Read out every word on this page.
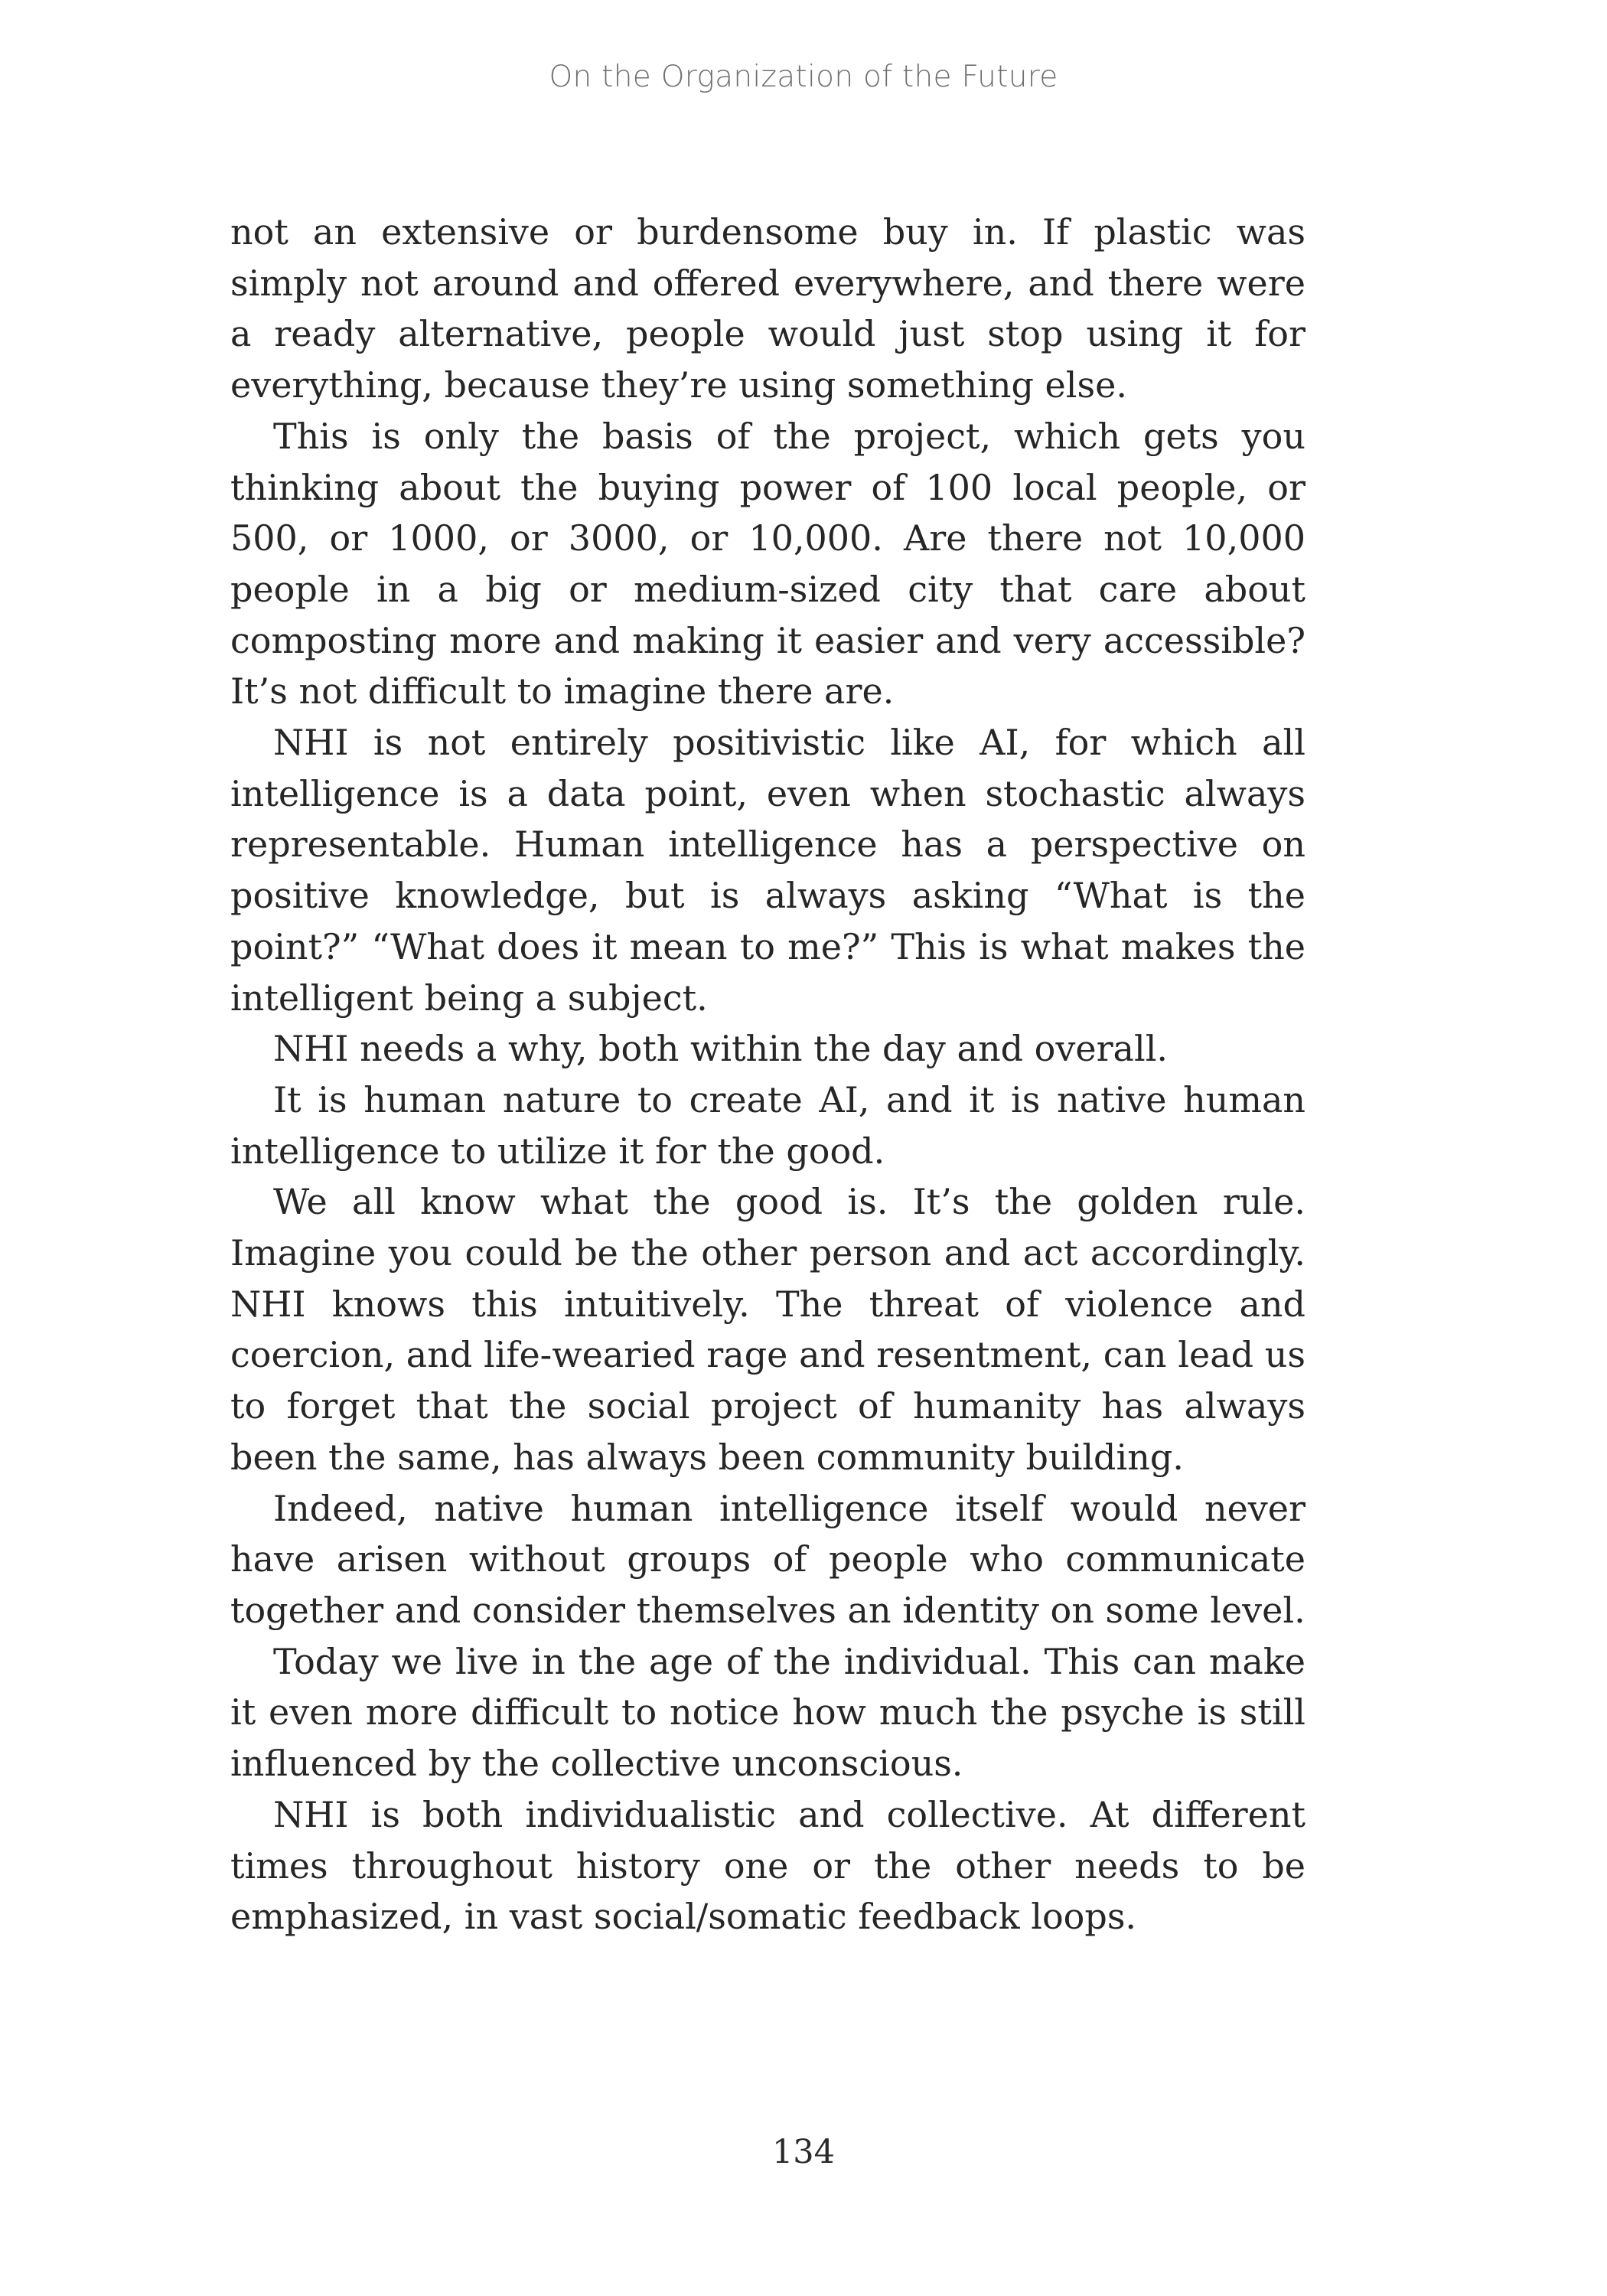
On the Organization of the Future

not an extensive or burdensome buy in. If plastic was simply not around and offered everywhere, and there were a ready alternative, people would just stop using it for everything, because they’re using something else.

This is only the basis of the project, which gets you thinking about the buying power of 100 local people, or 500, or 1000, or 3000, or 10,000. Are there not 10,000 people in a big or medium-sized city that care about composting more and making it easier and very accessible? It’s not difficult to imagine there are.

NHI is not entirely positivistic like AI, for which all intelligence is a data point, even when stochastic always representable. Human intelligence has a perspective on positive knowledge, but is always asking “What is the point?” “What does it mean to me?” This is what makes the intelligent being a subject.

NHI needs a why, both within the day and overall.

It is human nature to create AI, and it is native human intelligence to utilize it for the good.

We all know what the good is. It’s the golden rule. Imagine you could be the other person and act accordingly. NHI knows this intuitively. The threat of violence and coercion, and life-wearied rage and resentment, can lead us to forget that the social project of humanity has always been the same, has always been community building.

Indeed, native human intelligence itself would never have arisen without groups of people who communicate together and consider themselves an identity on some level.

Today we live in the age of the individual. This can make it even more difficult to notice how much the psyche is still influenced by the collective unconscious.

NHI is both individualistic and collective. At different times throughout history one or the other needs to be emphasized, in vast social/somatic feedback loops.

134
